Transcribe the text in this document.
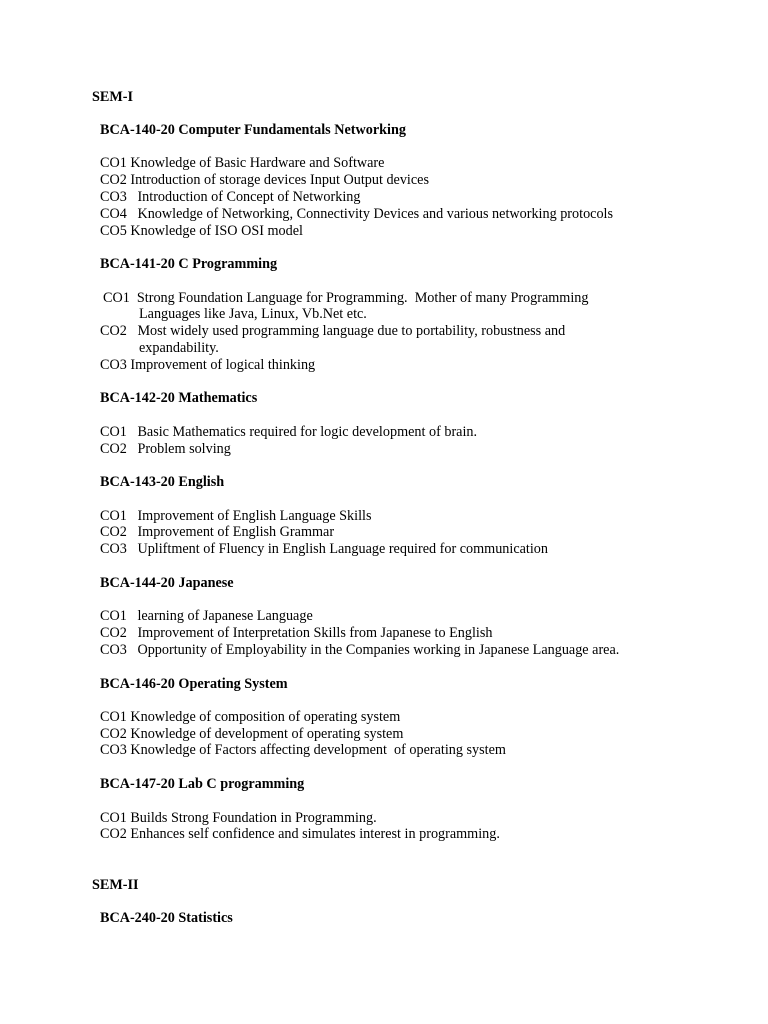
SEM-I
BCA-140-20 Computer Fundamentals Networking
CO1 Knowledge of Basic Hardware and Software
CO2 Introduction of storage devices Input Output devices
CO3   Introduction of Concept of Networking
CO4   Knowledge of Networking, Connectivity Devices and various networking protocols
CO5 Knowledge of ISO OSI model
BCA-141-20 C Programming
CO1  Strong Foundation Language for Programming.  Mother of many Programming
Languages like Java, Linux, Vb.Net etc.
CO2   Most widely used programming language due to portability, robustness and
expandability.
CO3 Improvement of logical thinking
BCA-142-20 Mathematics
CO1   Basic Mathematics required for logic development of brain.
CO2   Problem solving
BCA-143-20 English
CO1   Improvement of English Language Skills
CO2   Improvement of English Grammar
CO3   Upliftment of Fluency in English Language required for communication
BCA-144-20 Japanese
CO1   learning of Japanese Language
CO2   Improvement of Interpretation Skills from Japanese to English
CO3   Opportunity of Employability in the Companies working in Japanese Language area.
BCA-146-20 Operating System
CO1 Knowledge of composition of operating system
CO2 Knowledge of development of operating system
CO3 Knowledge of Factors affecting development  of operating system
BCA-147-20 Lab C programming
CO1 Builds Strong Foundation in Programming.
CO2 Enhances self confidence and simulates interest in programming.
SEM-II
BCA-240-20 Statistics
